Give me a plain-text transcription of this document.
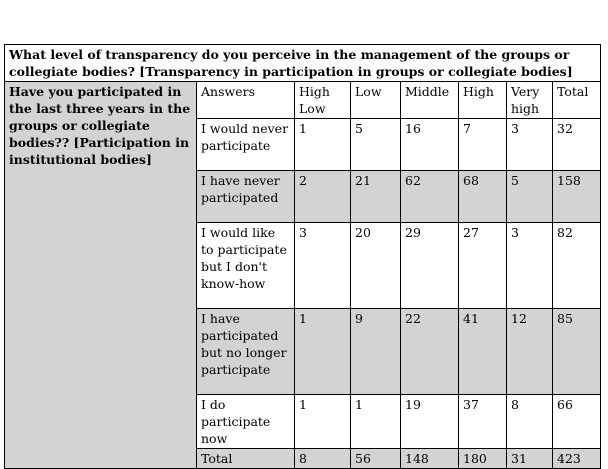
What level of transparency do you perceive in the management of the groups or collegiate bodies? [Transparency in participation in groups or collegiate bodies]							
Have you participated in the last three years in the groups or collegiate bodies?? [Participation in institutional bodies]	Answers	High Low	Low	Middle	High	Very high	Total
	I would never participate	1	5	16	7	3	32
	I have never participated	2	21	62	68	5	158
	I would like to participate but I don't know-how	3	20	29	27	3	82
	I have participated but no longer participate	1	9	22	41	12	85
	I do participate now	1	1	19	37	8	66
	Total	8	56	148	180	31	423
